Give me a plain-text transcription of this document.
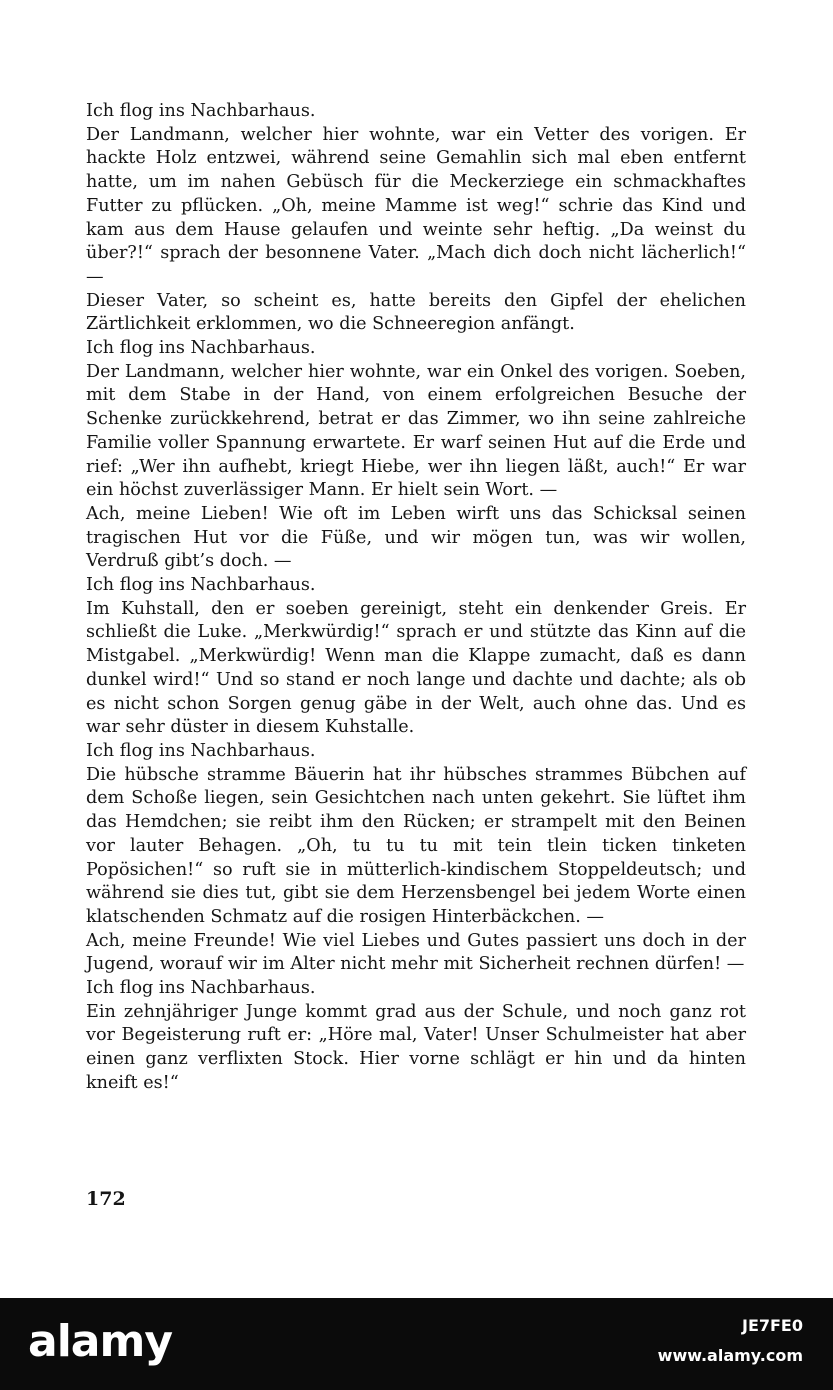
Ich flog ins Nachbarhaus.

Der Landmann, welcher hier wohnte, war ein Vetter des vorigen. Er hackte Holz entzwei, während seine Gemahlin sich mal eben entfernt hatte, um im nahen Gebüsch für die Meckerziege ein schmackhaftes Futter zu pflücken. „Oh, meine Mamme ist weg!“ schrie das Kind und kam aus dem Hause gelaufen und weinte sehr heftig. „Da weinst du über?!“ sprach der besonnene Vater. „Mach dich doch nicht lächerlich!“ —

Dieser Vater, so scheint es, hatte bereits den Gipfel der ehelichen Zärtlichkeit erklommen, wo die Schneeregion anfängt.

Ich flog ins Nachbarhaus.

Der Landmann, welcher hier wohnte, war ein Onkel des vorigen. Soeben, mit dem Stabe in der Hand, von einem erfolgreichen Besuche der Schenke zurückkehrend, betrat er das Zimmer, wo ihn seine zahlreiche Familie voller Spannung erwartete. Er warf seinen Hut auf die Erde und rief: „Wer ihn aufhebt, kriegt Hiebe, wer ihn liegen läßt, auch!“ Er war ein höchst zuverlässiger Mann. Er hielt sein Wort. —

Ach, meine Lieben! Wie oft im Leben wirft uns das Schicksal seinen tragischen Hut vor die Füße, und wir mögen tun, was wir wollen, Verdruß gibt’s doch. —

Ich flog ins Nachbarhaus.

Im Kuhstall, den er soeben gereinigt, steht ein denkender Greis. Er schließt die Luke. „Merkwürdig!“ sprach er und stützte das Kinn auf die Mistgabel. „Merkwürdig! Wenn man die Klappe zumacht, daß es dann dunkel wird!“ Und so stand er noch lange und dachte und dachte; als ob es nicht schon Sorgen genug gäbe in der Welt, auch ohne das. Und es war sehr düster in diesem Kuhstalle.

Ich flog ins Nachbarhaus.

Die hübsche stramme Bäuerin hat ihr hübsches strammes Bübchen auf dem Schoße liegen, sein Gesichtchen nach unten gekehrt. Sie lüftet ihm das Hemdchen; sie reibt ihm den Rücken; er strampelt mit den Beinen vor lauter Behagen. „Oh, tu tu tu mit tein tlein ticken tinketen Popösichen!“ so ruft sie in mütterlich-kindischem Stoppeldeutsch; und während sie dies tut, gibt sie dem Herzensbengel bei jedem Worte einen klatschenden Schmatz auf die rosigen Hinterbäckchen. —

Ach, meine Freunde! Wie viel Liebes und Gutes passiert uns doch in der Jugend, worauf wir im Alter nicht mehr mit Sicherheit rechnen dürfen! —

Ich flog ins Nachbarhaus.

Ein zehnjähriger Junge kommt grad aus der Schule, und noch ganz rot vor Begeisterung ruft er: „Höre mal, Vater! Unser Schulmeister hat aber einen ganz verflixten Stock. Hier vorne schlägt er hin und da hinten kneift es!“

172
alamy	JE7FE0
www.alamy.com
